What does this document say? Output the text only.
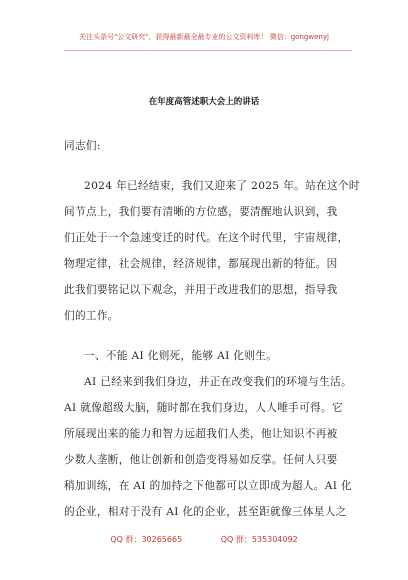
关注头条号"公文研究"，获得最新最全最专业的公文资料库！ 微信：gongwenyj
在年度高管述职大会上的讲话
同志们:
2024 年已经结束，我们又迎来了 2025 年。站在这个时
间节点上，我们要有清晰的方位感，要清醒地认识到，我
们正处于一个急速变迁的时代。在这个时代里，宇宙规律，
物理定律，社会规律，经济规律，都展现出新的特征。因
此我们要铭记以下观念，并用于改进我们的思想，指导我
们的工作。
一、不能 AI 化则死，能够 AI 化则生。
AI 已经来到我们身边，并正在改变我们的环境与生活。
AI 就像超级大脑，随时都在我们身边，人人唾手可得。它
所展现出来的能力和智力远超我们人类，他让知识不再被
少数人垄断，他让创新和创造变得易如反掌。任何人只要
稍加训练，在 AI 的加持之下他都可以立即成为超人。AI 化
的企业，相对于没有 AI 化的企业，甚至距就像三体星人之
QQ 群：30265665	QQ 群：535304092
